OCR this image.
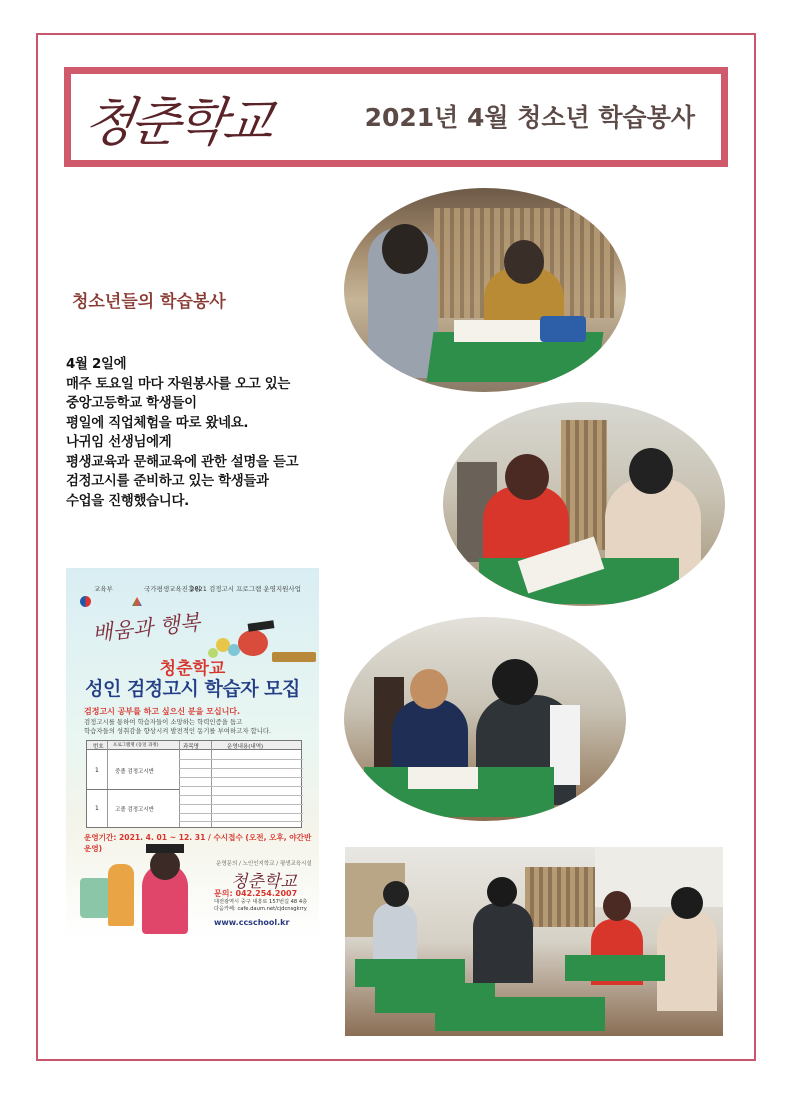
청춘학교	2021년 4월 청소년 학습봉사
청소년들의 학습봉사
4월 2일에
매주 토요일 마다 자원봉사를 오고 있는
중앙고등학교 학생들이
평일에 직업체험을 따로 왔네요.
나귀임 선생님에게
평생교육과 문해교육에 관한 설명을 듣고
검정고시를 준비하고 있는 학생들과
수업을 진행했습니다.
교육부	국가평생교육진흥원
2021 검정고시 프로그램 운영지원사업
배움과 행복
청춘학교
성인 검정고시 학습자 모집
검정고시 공부를 하고 싶으신 분을 모십니다.
검정고시를 통하여 학습자들이 소망하는 학력인증을 돕고
학습자들의 성취감을 향상시켜 발전적인 동기를 부여하고자 합니다.
번호 프로그램명 (동일 과정)	과목명	운영내용(내역)
1	중졸 검정고시반
1	고졸 검정고시반
운영기간: 2021. 4. 01 ~ 12. 31 / 수시접수 (오전, 오후, 야간반 운영)
운영문의 / 노인인지학교 / 평생교육시설
청춘학교
문의: 042.254.2007
대전광역시 중구 대흥로 157번길 48 4층
다음카페: cafe.daum.net/cjdcnsgkrry
www.ccschool.kr
